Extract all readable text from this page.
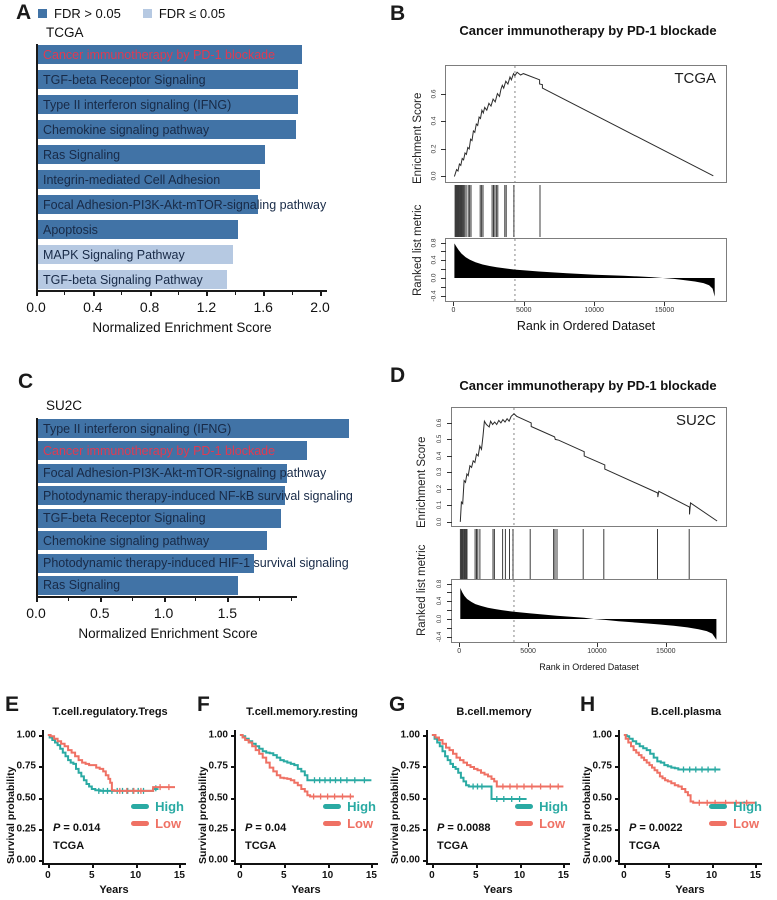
A FDR > 0.05	FDR ≤ 0.05
TCGA
Cancer immunotherapy by PD-1 blockade
TGF-beta Receptor Signaling
Type II interferon signaling (IFNG)
Chemokine signaling pathway
Ras Signaling
Integrin-mediated Cell Adhesion
Focal Adhesion-PI3K-Akt-mTOR-signaling pathway
Apoptosis
MAPK Signaling Pathway
TGF-beta Signaling Pathway
0.0	0.4	0.8	1.2	1.6	2.0
Normalized Enrichment Score
B
Cancer immunotherapy by PD-1 blockade
Enrichment Score
TCGA
0.0
0.2
0.4
0.6
Ranked list metric 0.8
0.4
0.0
-0.4
0	5000	10000	15000
Rank in Ordered Dataset
C
SU2C
Type II interferon signaling (IFNG)
Cancer immunotherapy by PD-1 blockade
Focal Adhesion-PI3K-Akt-mTOR-signaling pathway
Photodynamic therapy-induced NF-kB survival signaling
TGF-beta Receptor Signaling
Chemokine signaling pathway
Photodynamic therapy-induced HIF-1 survival signaling
Ras Signaling
0.0	0.5	1.0	1.5
Normalized Enrichment Score
D	Cancer immunotherapy by PD-1 blockade
Enrichment Score
SU2C
0.0
0.1
0.2
0.3
0.4
0.5
0.6
Ranked list metric 0.8
0.4
0.0
-0.4
0	5000	10000	15000
Rank in Ordered Dataset
E	T.cell.regulatory.Tregs
Survival probability	P = 0.014
TCGA
High
Low
1.00
0.75
0.50
0.25
0.00
0	5	10	15
Years
F	T.cell.memory.resting
Survival probability	P = 0.04
TCGA
High
Low
1.00
0.75
0.50
0.25
0.00
0	5	10	15
Years
G	B.cell.memory
Survival probability	P = 0.0088
TCGA
High
Low
1.00
0.75
0.50
0.25
0.00
0	5	10	15
Years
H	B.cell.plasma
Survival probability	P = 0.0022
TCGA
High
Low
1.00
0.75
0.50
0.25
0.00
0	5	10	15
Years
